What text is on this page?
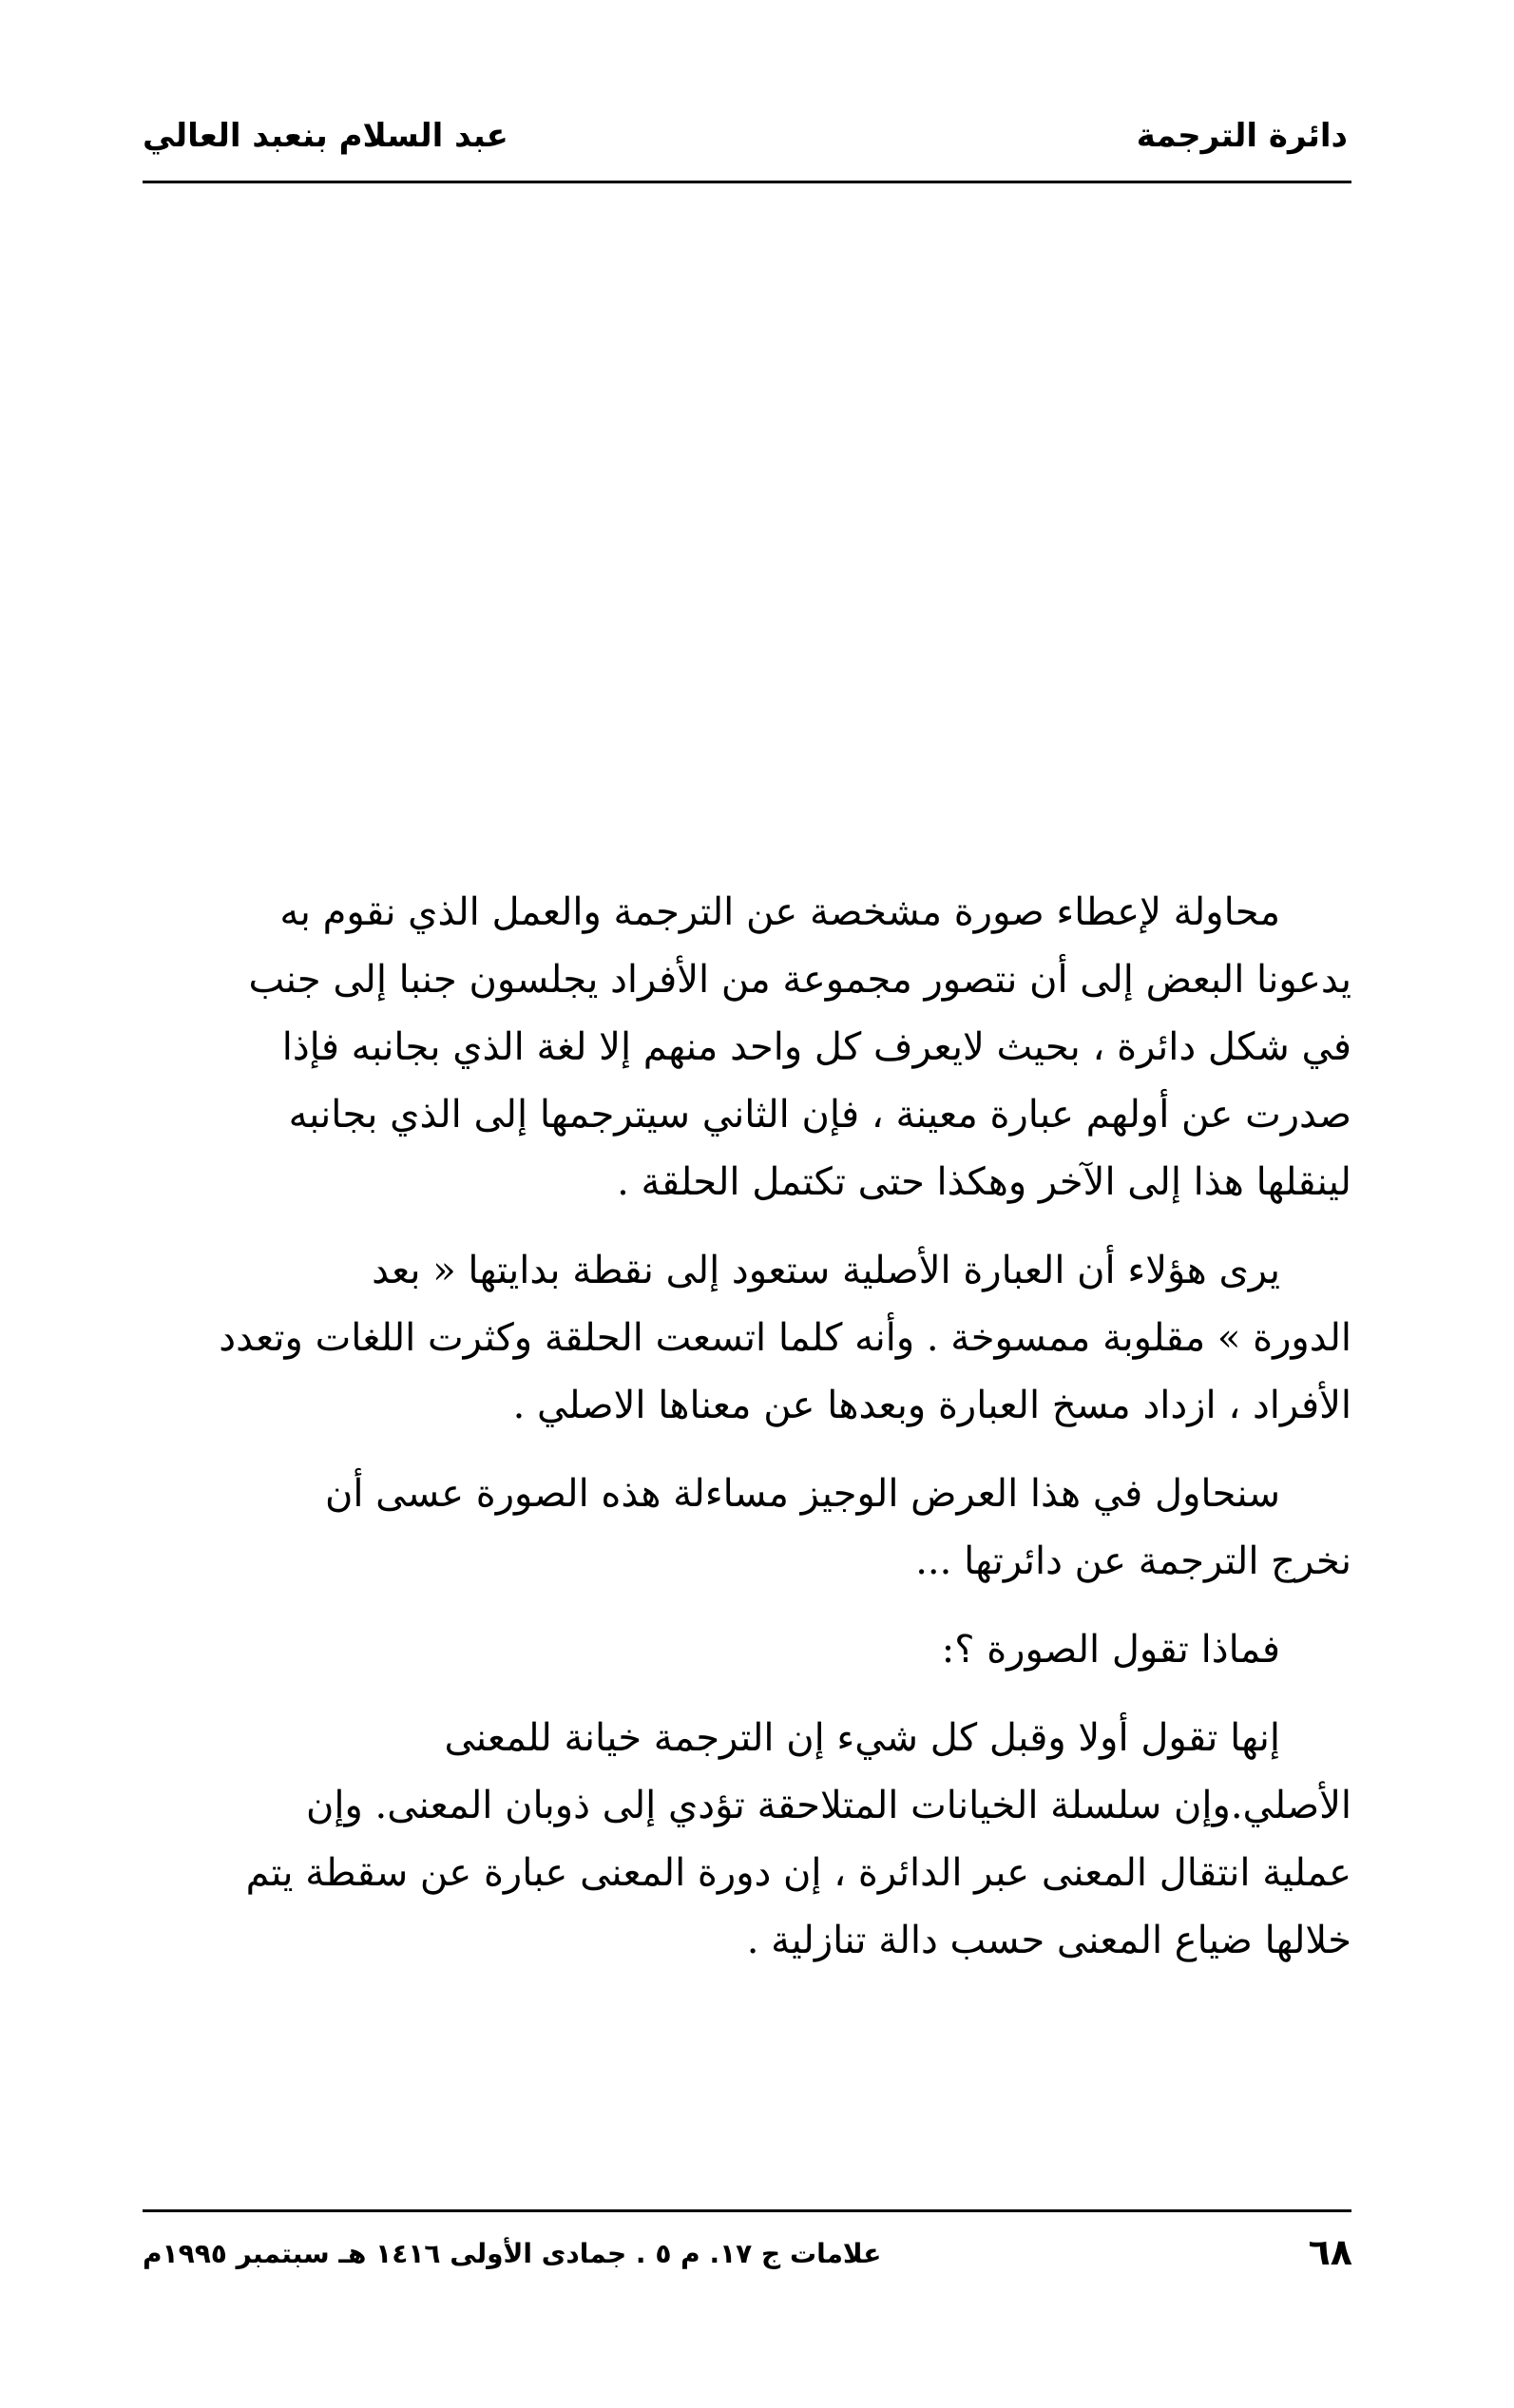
دائرة الترجمة
عبد السلام بنعبد العالي

محاولة لإعطاء صورة مشخصة عن الترجمة والعمل الذي نقوم به
يدعونا البعض إلى أن نتصور مجموعة من الأفراد يجلسون جنبا إلى جنب
في شكل دائرة ، بحيث لايعرف كل واحد منهم إلا لغة الذي بجانبه فإذا
صدرت عن أولهم عبارة معينة ، فإن الثاني سيترجمها إلى الذي بجانبه
لينقلها هذا إلى الآخر وهكذا حتى تكتمل الحلقة .

يرى هؤلاء أن العبارة الأصلية ستعود إلى نقطة بدايتها « بعد
الدورة » مقلوبة ممسوخة . وأنه كلما اتسعت الحلقة وكثرت اللغات وتعدد
الأفراد ، ازداد مسخ العبارة وبعدها عن معناها الاصلي .

سنحاول في هذا العرض الوجيز مساءلة هذه الصورة عسى أن
نخرج الترجمة عن دائرتها ...

فماذا تقول الصورة ؟:

إنها تقول أولا وقبل كل شيء إن الترجمة خيانة للمعنى
الأصلي.وإن سلسلة الخيانات المتلاحقة تؤدي إلى ذوبان المعنى. وإن
عملية انتقال المعنى عبر الدائرة ، إن دورة المعنى عبارة عن سقطة يتم
خلالها ضياع المعنى حسب دالة تنازلية .

٦٨
علامات ج ١٧. م ٥ . جمادى الأولى ١٤١٦ هـ سبتمبر ١٩٩٥م
